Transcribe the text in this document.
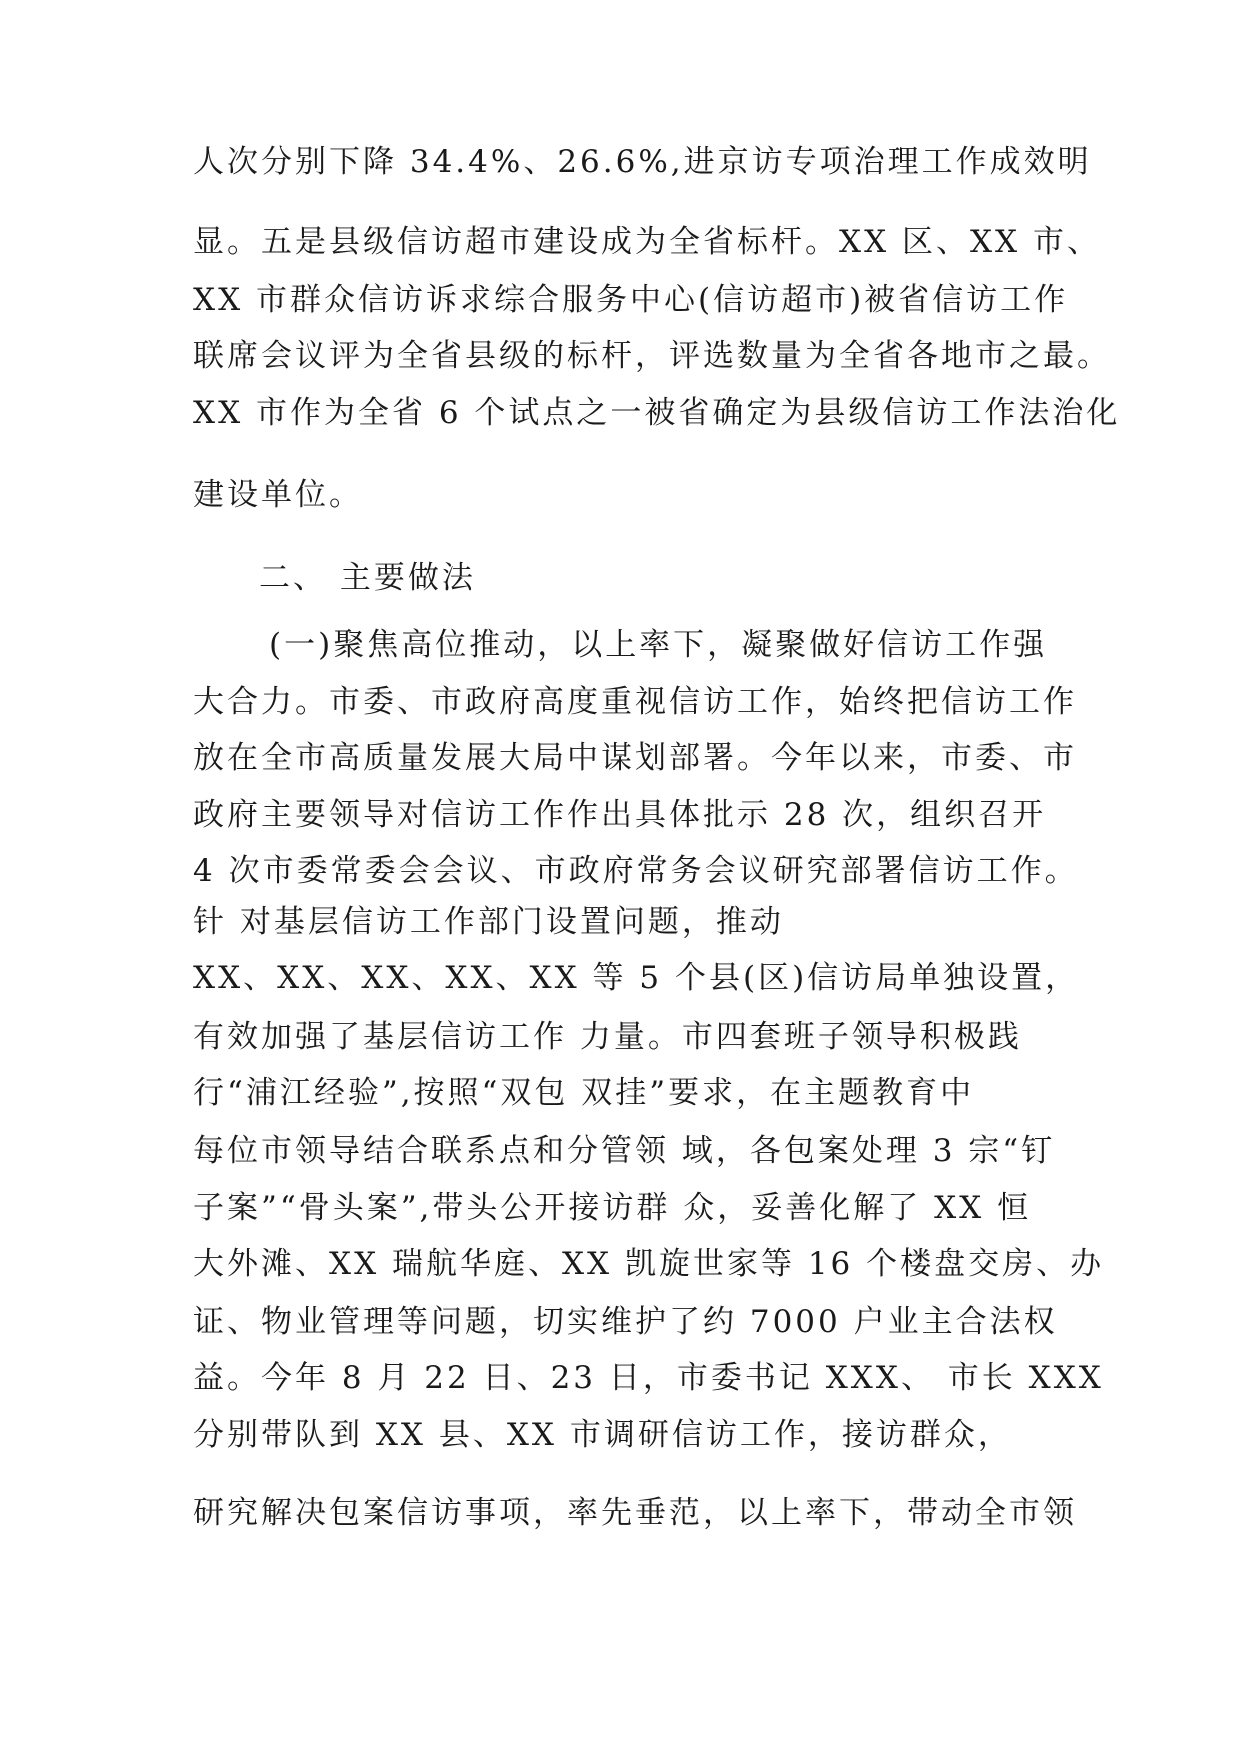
人次分别下降 34.4%、26.6%,进京访专项治理工作成效明
显。五是县级信访超市建设成为全省标杆。XX 区、XX 市、
XX 市群众信访诉求综合服务中心(信访超市)被省信访工作
联席会议评为全省县级的标杆，评选数量为全省各地市之最。
XX 市作为全省 6 个试点之一被省确定为县级信访工作法治化
建设单位。
二、 主要做法
(一)聚焦高位推动，以上率下，凝聚做好信访工作强
大合力。市委、市政府高度重视信访工作，始终把信访工作
放在全市高质量发展大局中谋划部署。今年以来，市委、市
政府主要领导对信访工作作出具体批示 28 次，组织召开
4 次市委常委会会议、市政府常务会议研究部署信访工作。
针 对基层信访工作部门设置问题，推动
XX、XX、XX、XX、XX 等 5 个县(区)信访局单独设置，
有效加强了基层信访工作 力量。市四套班子领导积极践
行“浦江经验”,按照“双包 双挂”要求，在主题教育中
每位市领导结合联系点和分管领 域，各包案处理 3 宗“钉
子案”“骨头案”,带头公开接访群 众，妥善化解了 XX 恒
大外滩、XX 瑞航华庭、XX 凯旋世家等 16 个楼盘交房、办
证、物业管理等问题，切实维护了约 7000 户业主合法权
益。今年 8 月 22 日、23 日，市委书记 XXX、 市长 XXX
分别带队到 XX 县、XX 市调研信访工作，接访群众，
研究解决包案信访事项，率先垂范，以上率下，带动全市领
